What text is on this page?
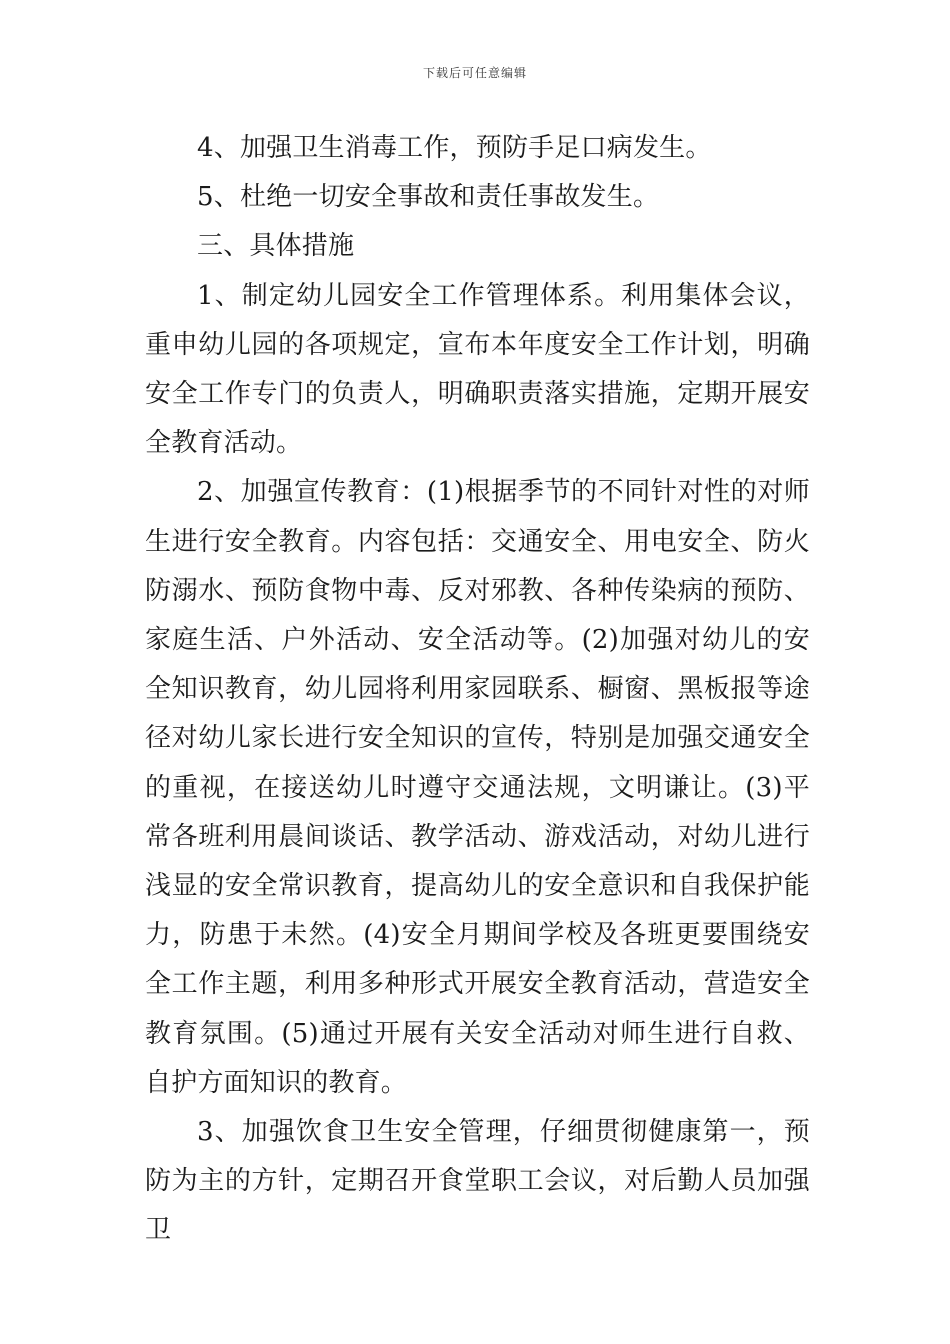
下载后可任意编辑

4、加强卫生消毒工作，预防手足口病发生。

5、杜绝一切安全事故和责任事故发生。

三、具体措施

1、制定幼儿园安全工作管理体系。利用集体会议，重申幼儿园的各项规定，宣布本年度安全工作计划，明确安全工作专门的负责人，明确职责落实措施，定期开展安全教育活动。

2、加强宣传教育：(1)根据季节的不同针对性的对师生进行安全教育。内容包括：交通安全、用电安全、防火防溺水、预防食物中毒、反对邪教、各种传染病的预防、家庭生活、户外活动、安全活动等。(2)加强对幼儿的安全知识教育，幼儿园将利用家园联系、橱窗、黑板报等途径对幼儿家长进行安全知识的宣传，特别是加强交通安全的重视，在接送幼儿时遵守交通法规，文明谦让。(3)平常各班利用晨间谈话、教学活动、游戏活动，对幼儿进行浅显的安全常识教育，提高幼儿的安全意识和自我保护能力，防患于未然。(4)安全月期间学校及各班更要围绕安全工作主题，利用多种形式开展安全教育活动，营造安全教育氛围。(5)通过开展有关安全活动对师生进行自救、自护方面知识的教育。

3、加强饮食卫生安全管理，仔细贯彻健康第一，预防为主的方针，定期召开食堂职工会议，对后勤人员加强卫
